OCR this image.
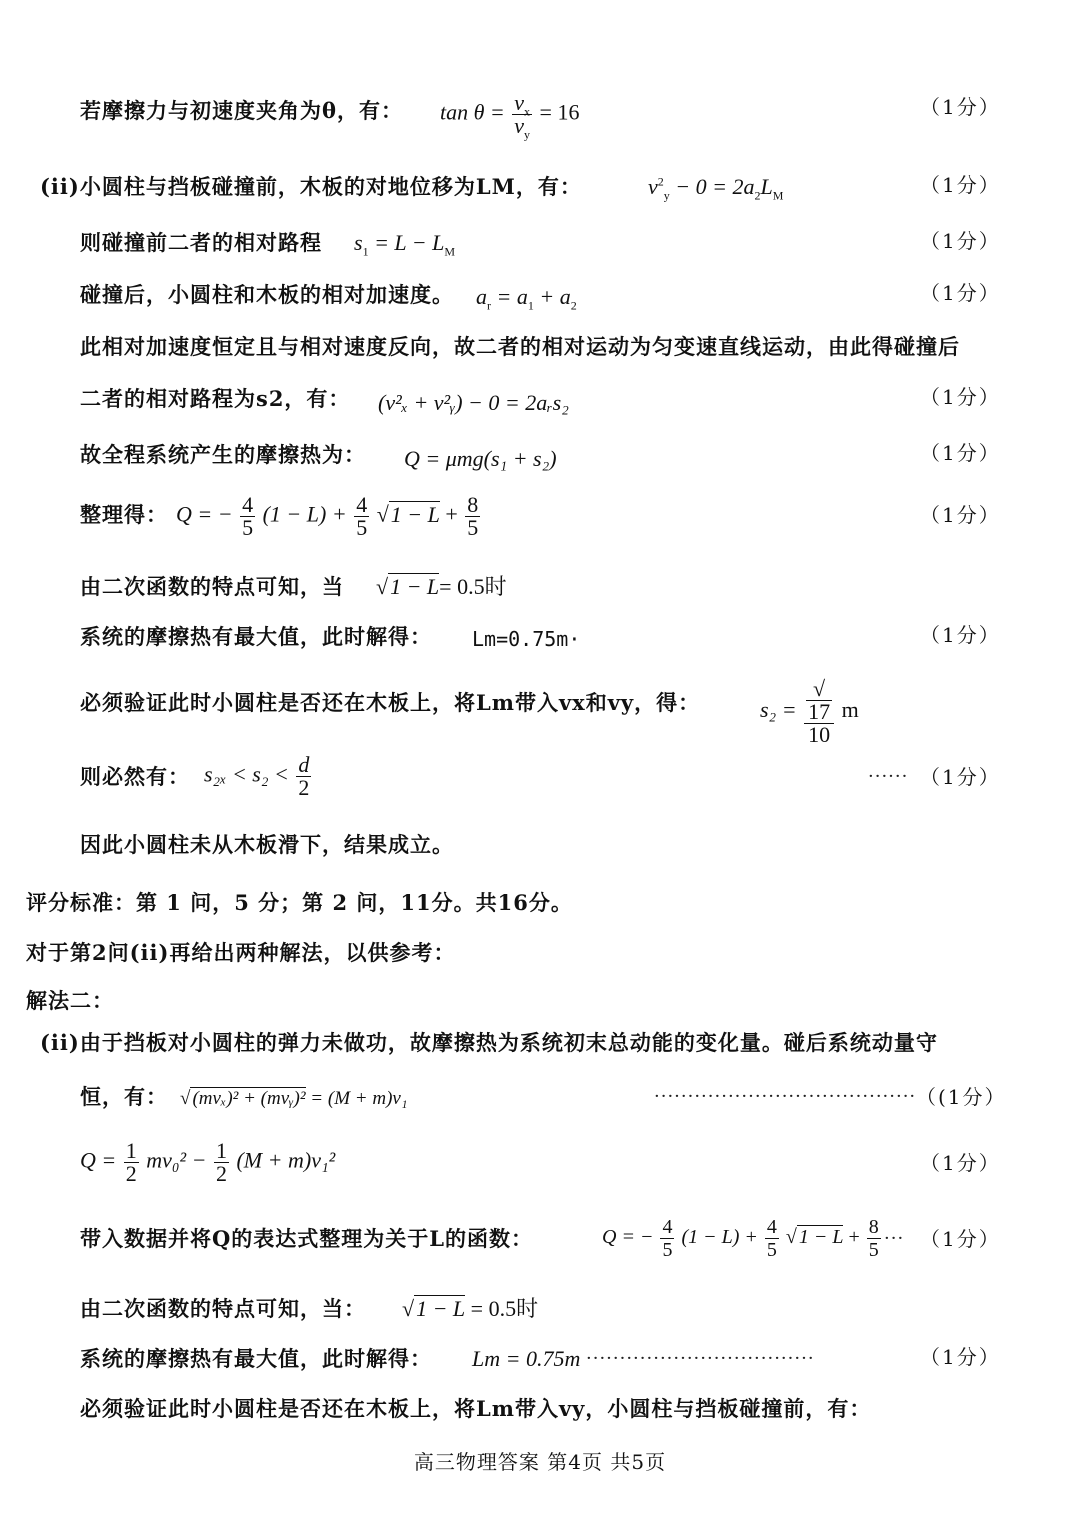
若摩擦力与初速度夹角为θ，有： $\tan \theta = \frac{v_x}{v_y} = 16$	（1分）
(ii)小圆柱与挡板碰撞前，木板的对地位移为LM，有：	$v^2_y - 0 = 2a_2L_M$	（1分）
则碰撞前二者的相对路程 $s_1 = L - L_M$	（1分）
碰撞后，小圆柱和木板的相对加速度。 $a_r = a_1 + a_2$
（1分）
此相对加速度恒定且与相对速度反向，故二者的相对运动为匀变速直线运动，由此得碰撞后
二者的相对路程为s2，有： (v²ₓ + v²ᵧ) − 0 = 2aᵣs₂	（1分）
故全程系统产生的摩擦热为： Q = μmg(s₁ + s₂)	（1分）
整理得： Q = − $\frac{4}{5} (1 - L) + \frac{4}{5} √1 - L + \frac{8}{5}$	（1分）
由二次函数的特点可知，当 √1 − L= 0.5时
系统的摩擦热有最大值，此时解得： Lm=0.75m·	（1分）
必须验证此时小圆柱是否还在木板上，将Lm带入vx和vy，得：	s₂ = √
17
10 m
则必然有： $s_{2x} < s_2 < \frac{d}{2}$	······ （1分）
因此小圆柱未从木板滑下，结果成立。
评分标准：第 1 问，5 分；第 2 问，11分。共16分。
对于第2问(ii)再给出两种解法，以供参考：
解法二：
(ii)由于挡板对小圆柱的弹力未做功，故摩擦热为系统初末总动能的变化量。碰后系统动量守
恒，有： √ (mvₓ)² + (mvᵧ)² = (M + m)v₁	······································· （(1分）
$Q = \frac{1}{2} mv_0^2 - \frac{1}{2} (M + m)v_1^2$	（1分）
带入数据并将Q的表达式整理为关于L的函数：	Q = − $\frac{4}{5} (1 - L) + \frac{4}{5}$ √ $1 - L + \frac{8}{5}$ ··· （1分）
由二次函数的特点可知，当： √1 − L = 0.5时
系统的摩擦热有最大值，此时解得： Lm = 0.75m ··································	（1分）
必须验证此时小圆柱是否还在木板上，将Lm带入vy，小圆柱与挡板碰撞前，有：
高三物理答案 第4页 共5页
